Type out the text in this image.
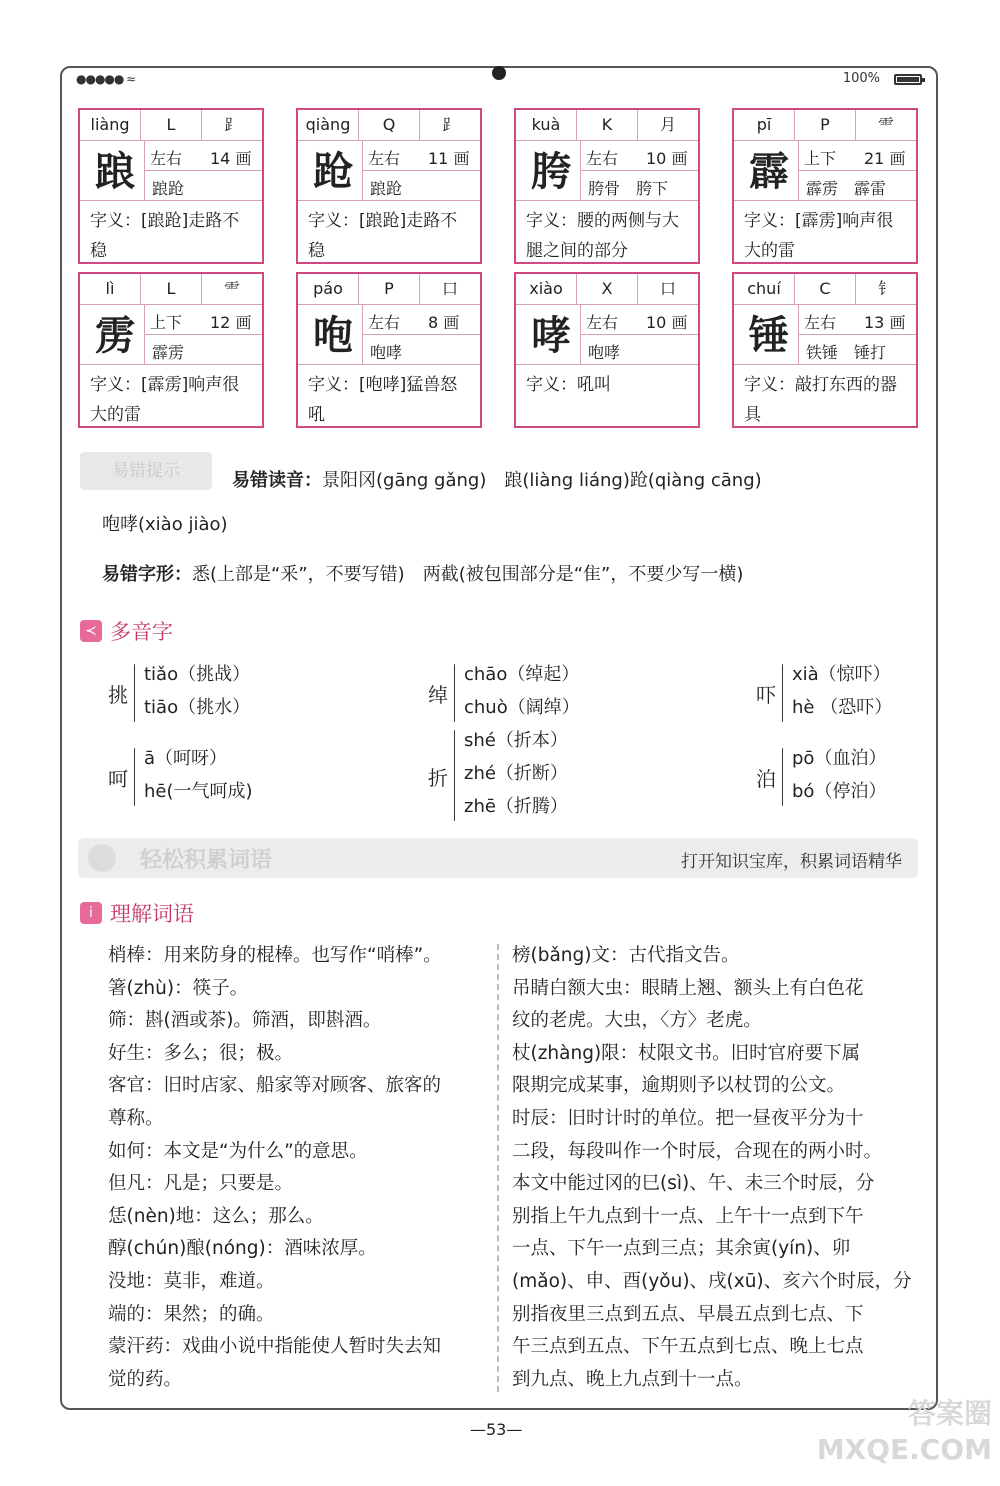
●●●●● ≈	100%
liàng	L	⻊
踉 左右 14 画
踉跄
字义：[踉跄]走路不稳
qiàng	Q	⻊
跄 左右 11 画
踉跄
字义：[踉跄]走路不稳
kuà	K	月
胯 左右 10 画
胯骨　胯下
字义：腰的两侧与大腿之间的部分
pī	P	⻗
霹 上下 21 画
霹雳　霹雷
字义：[霹雳]响声很大的雷
lì	L	⻗
雳 上下 12 画
霹雳
字义：[霹雳]响声很大的雷
páo	P	口
咆 左右 8 画
咆哮
字义：[咆哮]猛兽怒吼
xiào	X	口
哮 左右 10 画
咆哮
字义：吼叫
chuí	C	钅
锤 左右 13 画
铁锤　锤打
字义：敲打东西的器具
易错提示	易错读音：景阳冈(gāng gǎng)　踉(liàng liáng)跄(qiàng cāng)
咆哮(xiào jiào)
易错字形：悉(上部是“釆”，不要写错)　两截(被包围部分是“隹”，不要少写一横)
≺ 多音字
挑
tiǎo（挑战）
tiāo（挑水）
绰
chāo（绰起）
chuò（阔绰）
吓
xià（惊吓）
hè （恐吓）
呵
ā（呵呀）
hē(一气呵成)
折
shé（折本）
zhé（折断）
zhē（折腾）
泊
pō（血泊）
bó（停泊）
轻松积累词语	打开知识宝库，积累词语精华
i 理解词语

梢棒：用来防身的棍棒。也写作“哨棒”。

箸(zhù)：筷子。

筛：斟(酒或茶)。筛酒，即斟酒。

好生：多么；很；极。

客官：旧时店家、船家等对顾客、旅客的

尊称。

如何：本文是“为什么”的意思。

但凡：凡是；只要是。

恁(nèn)地：这么；那么。

醇(chún)酿(nóng)：酒味浓厚。

没地：莫非，难道。

端的：果然；的确。

蒙汗药：戏曲小说中指能使人暂时失去知

觉的药。

榜(bǎng)文：古代指文告。

吊睛白额大虫：眼睛上翘、额头上有白色花

纹的老虎。大虫，〈方〉老虎。

杖(zhàng)限：杖限文书。旧时官府要下属

限期完成某事，逾期则予以杖罚的公文。

时辰：旧时计时的单位。把一昼夜平分为十

二段，每段叫作一个时辰，合现在的两小时。

本文中能过冈的巳(sì)、午、未三个时辰，分

别指上午九点到十一点、上午十一点到下午

一点、下午一点到三点；其余寅(yín)、卯

(mǎo)、申、酉(yǒu)、戌(xū)、亥六个时辰，分

别指夜里三点到五点、早晨五点到七点、下

午三点到五点、下午五点到七点、晚上七点

到九点、晚上九点到十一点。

—53—	答案圈 MXQE.COM
